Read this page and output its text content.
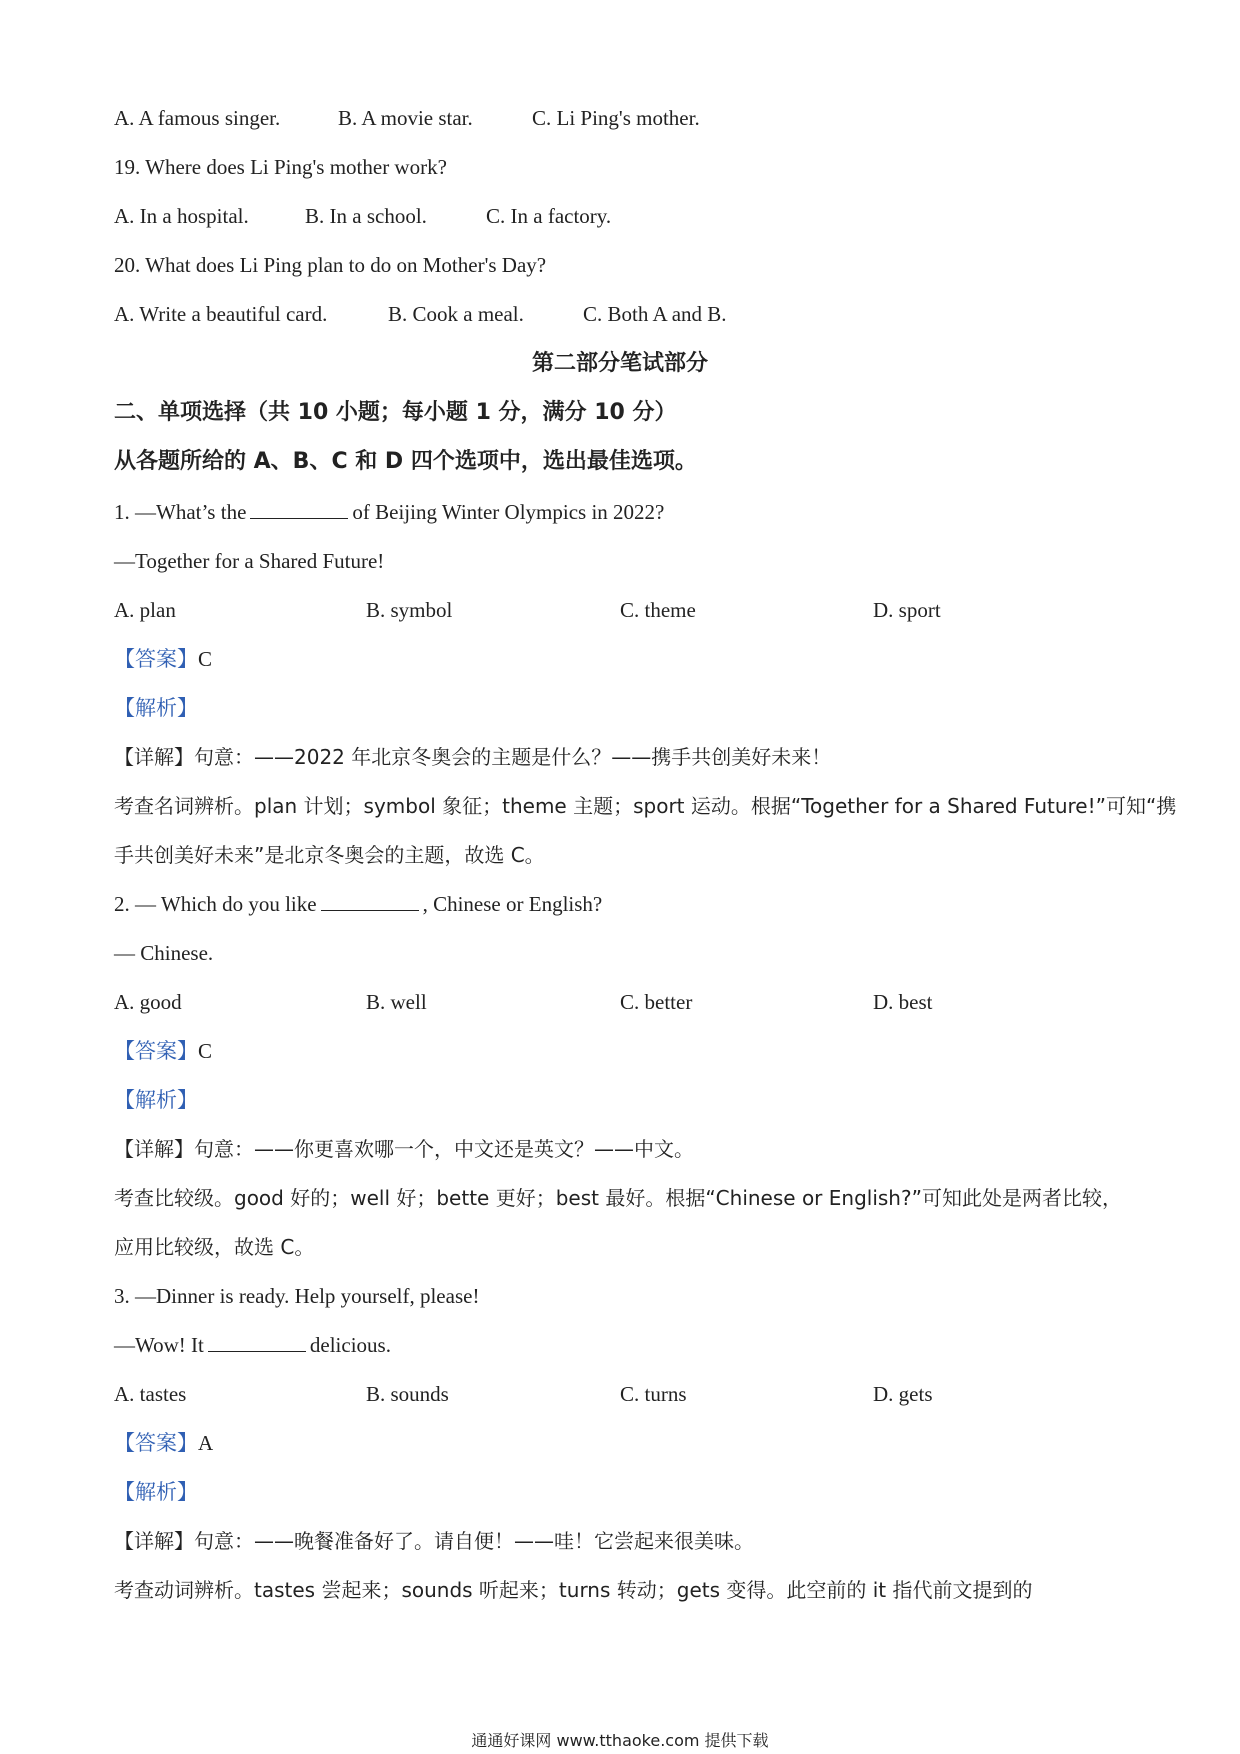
A. A famous singer.	B. A movie star.	C. Li Ping's mother.
19. Where does Li Ping's mother work?
A. In a hospital.	B. In a school.	C. In a factory.
20. What does Li Ping plan to do on Mother's Day?
A. Write a beautiful card.	B. Cook a meal.	C. Both A and B.
第二部分笔试部分
二、单项选择（共 10 小题；每小题 1 分，满分 10 分）
从各题所给的 A、B、C 和 D 四个选项中，选出最佳选项。
1. —What’s the	of Beijing Winter Olympics in 2022?
—Together for a Shared Future!
A. plan	B. symbol	C. theme	D. sport
【答案】C
【解析】
【详解】句意：——2022 年北京冬奥会的主题是什么？——携手共创美好未来！
考查名词辨析。plan 计划；symbol 象征；theme 主题；sport 运动。根据“Together for a Shared Future!”可知“携
手共创美好未来”是北京冬奥会的主题，故选 C。
2. — Which do you like	, Chinese or English?
— Chinese.
A. good	B. well	C. better	D. best
【答案】C
【解析】
【详解】句意：——你更喜欢哪一个，中文还是英文？——中文。
考查比较级。good 好的；well 好；bette 更好；best 最好。根据“Chinese or English?”可知此处是两者比较，
应用比较级，故选 C。
3. —Dinner is ready. Help yourself, please!
—Wow! It	delicious.
A. tastes	B. sounds	C. turns	D. gets
【答案】A
【解析】
【详解】句意：——晚餐准备好了。请自便！——哇！它尝起来很美味。
考查动词辨析。tastes 尝起来；sounds 听起来；turns 转动；gets 变得。此空前的 it 指代前文提到的
通通好课网 www.tthaoke.com 提供下载
